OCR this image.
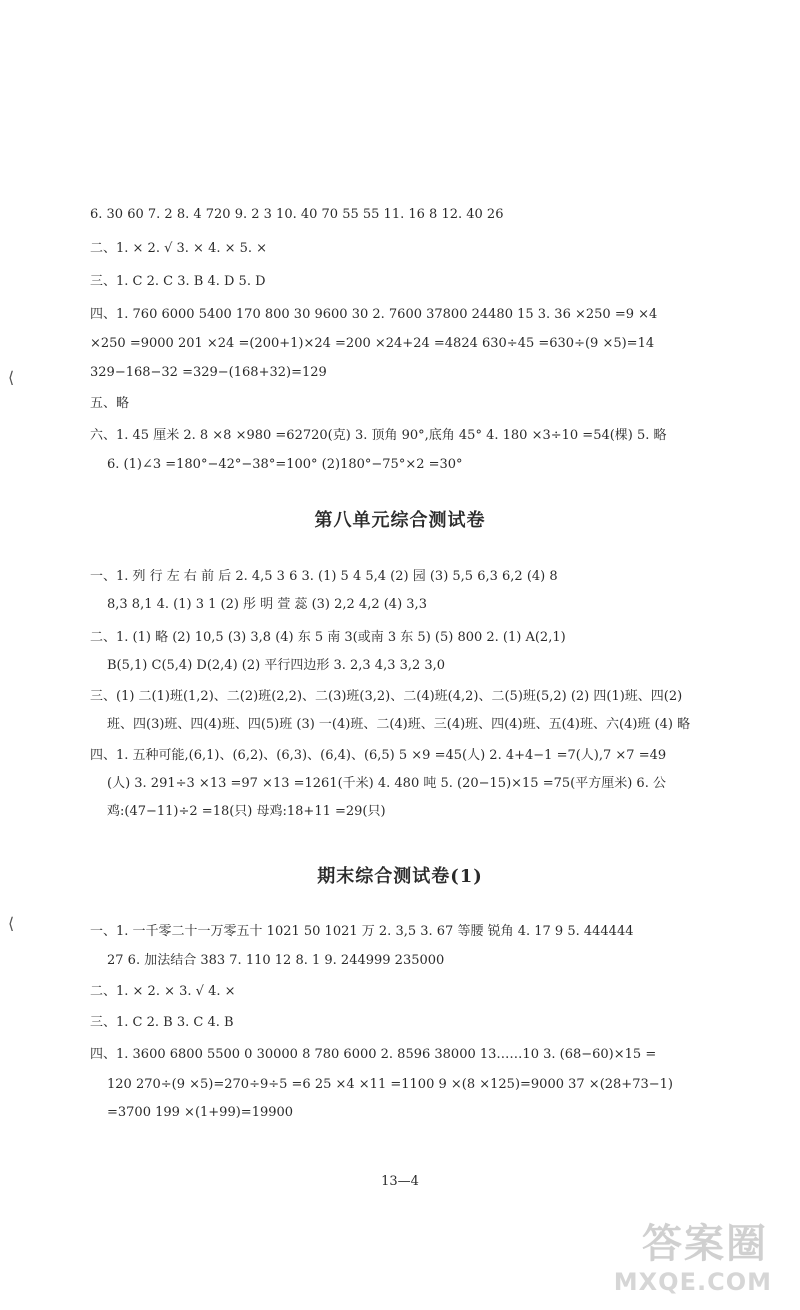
6. 30 60 7. 2 8. 4 720 9. 2 3 10. 40 70 55 55 11. 16 8 12. 40 26
二、1. × 2. √ 3. × 4. × 5. ×
三、1. C 2. C 3. B 4. D 5. D
四、1. 760 6000 5400 170 800 30 9600 30 2. 7600 37800 24480 15 3. 36 ×250 =9 ×4
×250 =9000 201 ×24 =(200+1)×24 =200 ×24+24 =4824 630÷45 =630÷(9 ×5)=14
329−168−32 =329−(168+32)=129
五、略
六、1. 45 厘米 2. 8 ×8 ×980 =62720(克) 3. 顶角 90°,底角 45° 4. 180 ×3÷10 =54(棵) 5. 略
6. (1)∠3 =180°−42°−38°=100° (2)180°−75°×2 =30°
第八单元综合测试卷
一、1. 列 行 左 右 前 后 2. 4,5 3 6 3. (1) 5 4 5,4 (2) 园 (3) 5,5 6,3 6,2 (4) 8
8,3 8,1 4. (1) 3 1 (2) 彤 明 萱 蕊 (3) 2,2 4,2 (4) 3,3
二、1. (1) 略 (2) 10,5 (3) 3,8 (4) 东 5 南 3(或南 3 东 5) (5) 800 2. (1) A(2,1)
B(5,1) C(5,4) D(2,4) (2) 平行四边形 3. 2,3 4,3 3,2 3,0
三、(1) 二(1)班(1,2)、二(2)班(2,2)、二(3)班(3,2)、二(4)班(4,2)、二(5)班(5,2) (2) 四(1)班、四(2)
班、四(3)班、四(4)班、四(5)班 (3) 一(4)班、二(4)班、三(4)班、四(4)班、五(4)班、六(4)班 (4) 略
四、1. 五种可能,(6,1)、(6,2)、(6,3)、(6,4)、(6,5) 5 ×9 =45(人) 2. 4+4−1 =7(人),7 ×7 =49
(人) 3. 291÷3 ×13 =97 ×13 =1261(千米) 4. 480 吨 5. (20−15)×15 =75(平方厘米) 6. 公
鸡:(47−11)÷2 =18(只) 母鸡:18+11 =29(只)
期末综合测试卷(1)
一、1. 一千零二十一万零五十 1021 50 1021 万 2. 3,5 3. 67 等腰 锐角 4. 17 9 5. 444444
27 6. 加法结合 383 7. 110 12 8. 1 9. 244999 235000
二、1. × 2. × 3. √ 4. ×
三、1. C 2. B 3. C 4. B
四、1. 3600 6800 5500 0 30000 8 780 6000 2. 8596 38000 13……10 3. (68−60)×15 =
120 270÷(9 ×5)=270÷9÷5 =6 25 ×4 ×11 =1100 9 ×(8 ×125)=9000 37 ×(28+73−1)
=3700 199 ×(1+99)=19900
13—4
⟨
⟨
答案圈
MXQE.COM
